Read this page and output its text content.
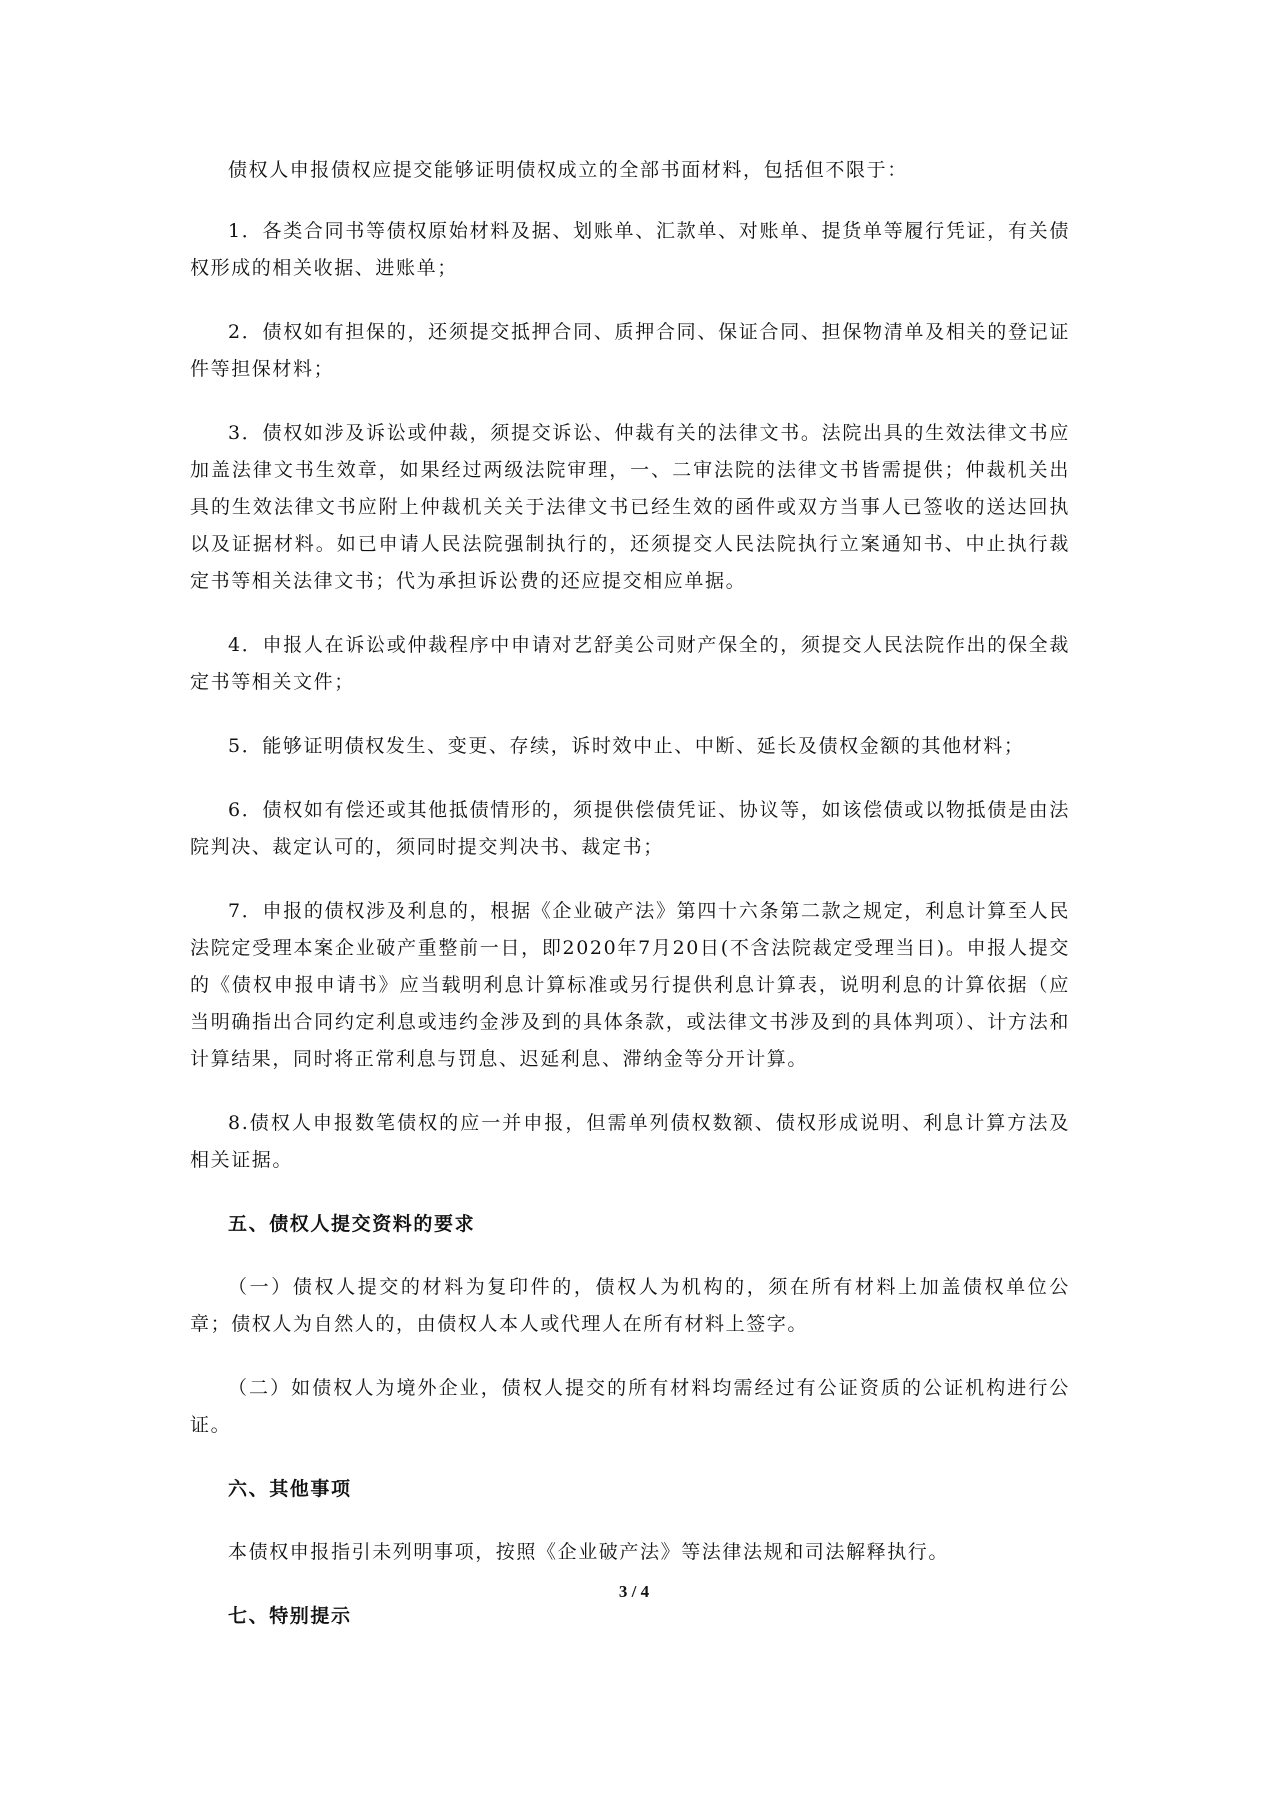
债权人申报债权应提交能够证明债权成立的全部书面材料，包括但不限于：

1．各类合同书等债权原始材料及据、划账单、汇款单、对账单、提货单等履行凭证，有关债权形成的相关收据、进账单；

2．债权如有担保的，还须提交抵押合同、质押合同、保证合同、担保物清单及相关的登记证件等担保材料；

3．债权如涉及诉讼或仲裁，须提交诉讼、仲裁有关的法律文书。法院出具的生效法律文书应加盖法律文书生效章，如果经过两级法院审理，一、二审法院的法律文书皆需提供；仲裁机关出具的生效法律文书应附上仲裁机关关于法律文书已经生效的函件或双方当事人已签收的送达回执以及证据材料。如已申请人民法院强制执行的，还须提交人民法院执行立案通知书、中止执行裁定书等相关法律文书；代为承担诉讼费的还应提交相应单据。

4．申报人在诉讼或仲裁程序中申请对艺舒美公司财产保全的，须提交人民法院作出的保全裁定书等相关文件；

5．能够证明债权发生、变更、存续，诉时效中止、中断、延长及债权金额的其他材料；

6．债权如有偿还或其他抵债情形的，须提供偿债凭证、协议等，如该偿债或以物抵债是由法院判决、裁定认可的，须同时提交判决书、裁定书；

7．申报的债权涉及利息的，根据《企业破产法》第四十六条第二款之规定，利息计算至人民法院定受理本案企业破产重整前一日，即2020年7月20日(不含法院裁定受理当日)。申报人提交的《债权申报申请书》应当载明利息计算标准或另行提供利息计算表，说明利息的计算依据（应当明确指出合同约定利息或违约金涉及到的具体条款，或法律文书涉及到的具体判项）、计方法和计算结果，同时将正常利息与罚息、迟延利息、滞纳金等分开计算。

8.债权人申报数笔债权的应一并申报，但需单列债权数额、债权形成说明、利息计算方法及相关证据。

五、债权人提交资料的要求

（一）债权人提交的材料为复印件的，债权人为机构的，须在所有材料上加盖债权单位公章；债权人为自然人的，由债权人本人或代理人在所有材料上签字。

（二）如债权人为境外企业，债权人提交的所有材料均需经过有公证资质的公证机构进行公证。

六、其他事项

本债权申报指引未列明事项，按照《企业破产法》等法律法规和司法解释执行。

七、特别提示

3 / 4
